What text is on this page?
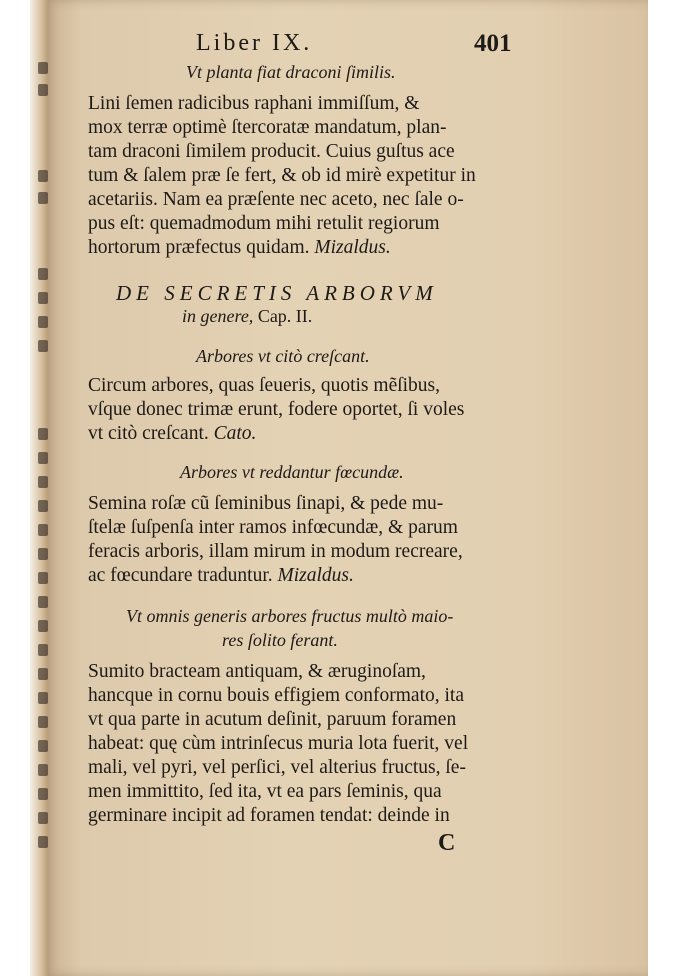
Liber IX.	401
Vt planta fiat draconi ſimilis.
Lini ſemen radicibus raphani immiſſum, &
mox terræ optimè ſtercoratæ mandatum, plan-
tam draconi ſimilem producit. Cuius guſtus ace
tum & ſalem præ ſe fert, & ob id mirè expetitur in
acetariis. Nam ea præſente nec aceto, nec ſale o-
pus eſt: quemadmodum mihi retulit regiorum
hortorum præfectus quidam. Mizaldus.
DE SECRETIS ARBORVM
in genere, Cap. II.
Arbores vt citò creſcant.
Circum arbores, quas ſeueris, quotis mẽſibus,
vſque donec trimæ erunt, fodere oportet, ſi voles
vt citò creſcant. Cato.
Arbores vt reddantur fœcundæ.
Semina roſæ cũ ſeminibus ſinapi, & pede mu-
ſtelæ ſuſpenſa inter ramos infœcundæ, & parum
feracis arboris, illam mirum in modum recreare,
ac fœcundare traduntur. Mizaldus.
Vt omnis generis arbores fructus multò maio-
res ſolito ferant.
Sumito bracteam antiquam, & æruginoſam,
hancque in cornu bouis effigiem conformato, ita
vt qua parte in acutum deſinit, paruum foramen
habeat: quę cùm intrinſecus muria lota fuerit, vel
mali, vel pyri, vel perſici, vel alterius fructus, ſe-
men immittito, ſed ita, vt ea pars ſeminis, qua
germinare incipit ad foramen tendat: deinde in
C
